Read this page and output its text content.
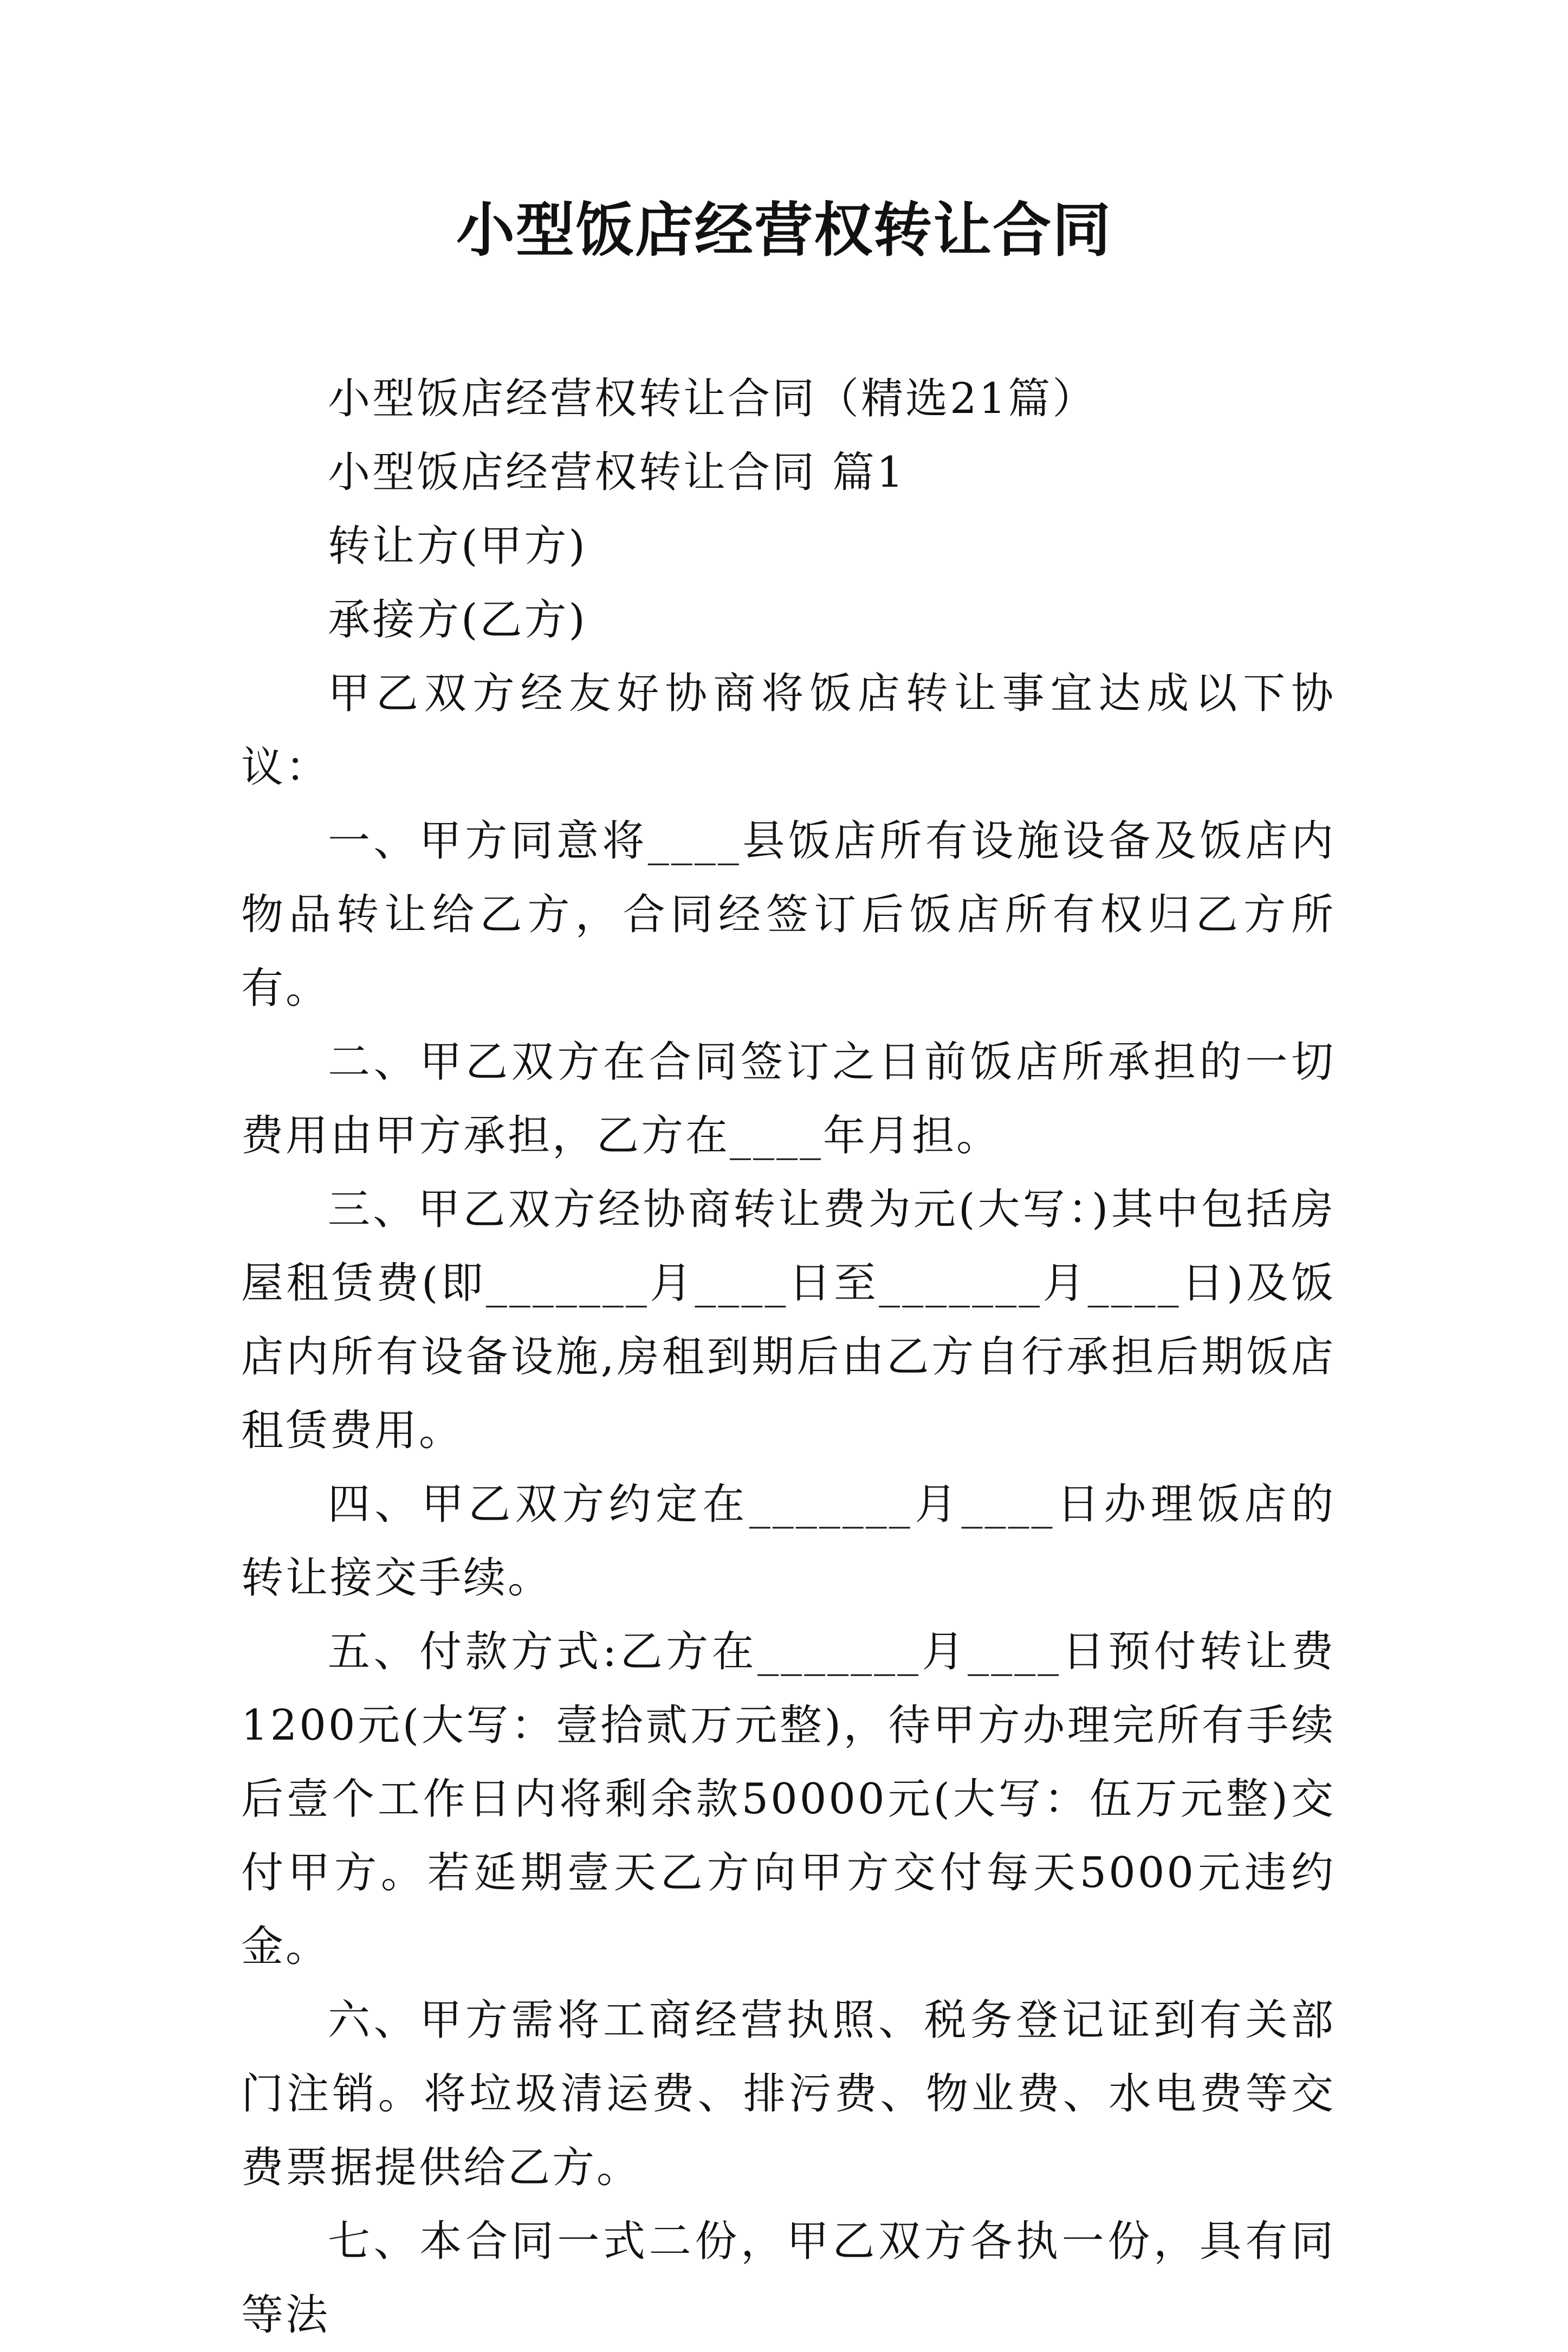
小型饭店经营权转让合同

小型饭店经营权转让合同（精选21篇）

小型饭店经营权转让合同 篇1

转让方(甲方)

承接方(乙方)

甲乙双方经友好协商将饭店转让事宜达成以下协议：

一、甲方同意将____县饭店所有设施设备及饭店内物品转让给乙方，合同经签订后饭店所有权归乙方所有。

二、甲乙双方在合同签订之日前饭店所承担的一切费用由甲方承担，乙方在____年月担。

三、甲乙双方经协商转让费为元(大写：)其中包括房屋租赁费(即_______月____日至_______月____日)及饭店内所有设备设施,房租到期后由乙方自行承担后期饭店租赁费用。

四、甲乙双方约定在_______月____日办理饭店的转让接交手续。

五、付款方式:乙方在_______月____日预付转让费1200元(大写：壹拾贰万元整)，待甲方办理完所有手续后壹个工作日内将剩余款50000元(大写：伍万元整)交付甲方。若延期壹天乙方向甲方交付每天5000元违约金。

六、甲方需将工商经营执照、税务登记证到有关部门注销。将垃圾清运费、排污费、物业费、水电费等交费票据提供给乙方。

七、本合同一式二份，甲乙双方各执一份，具有同等法
